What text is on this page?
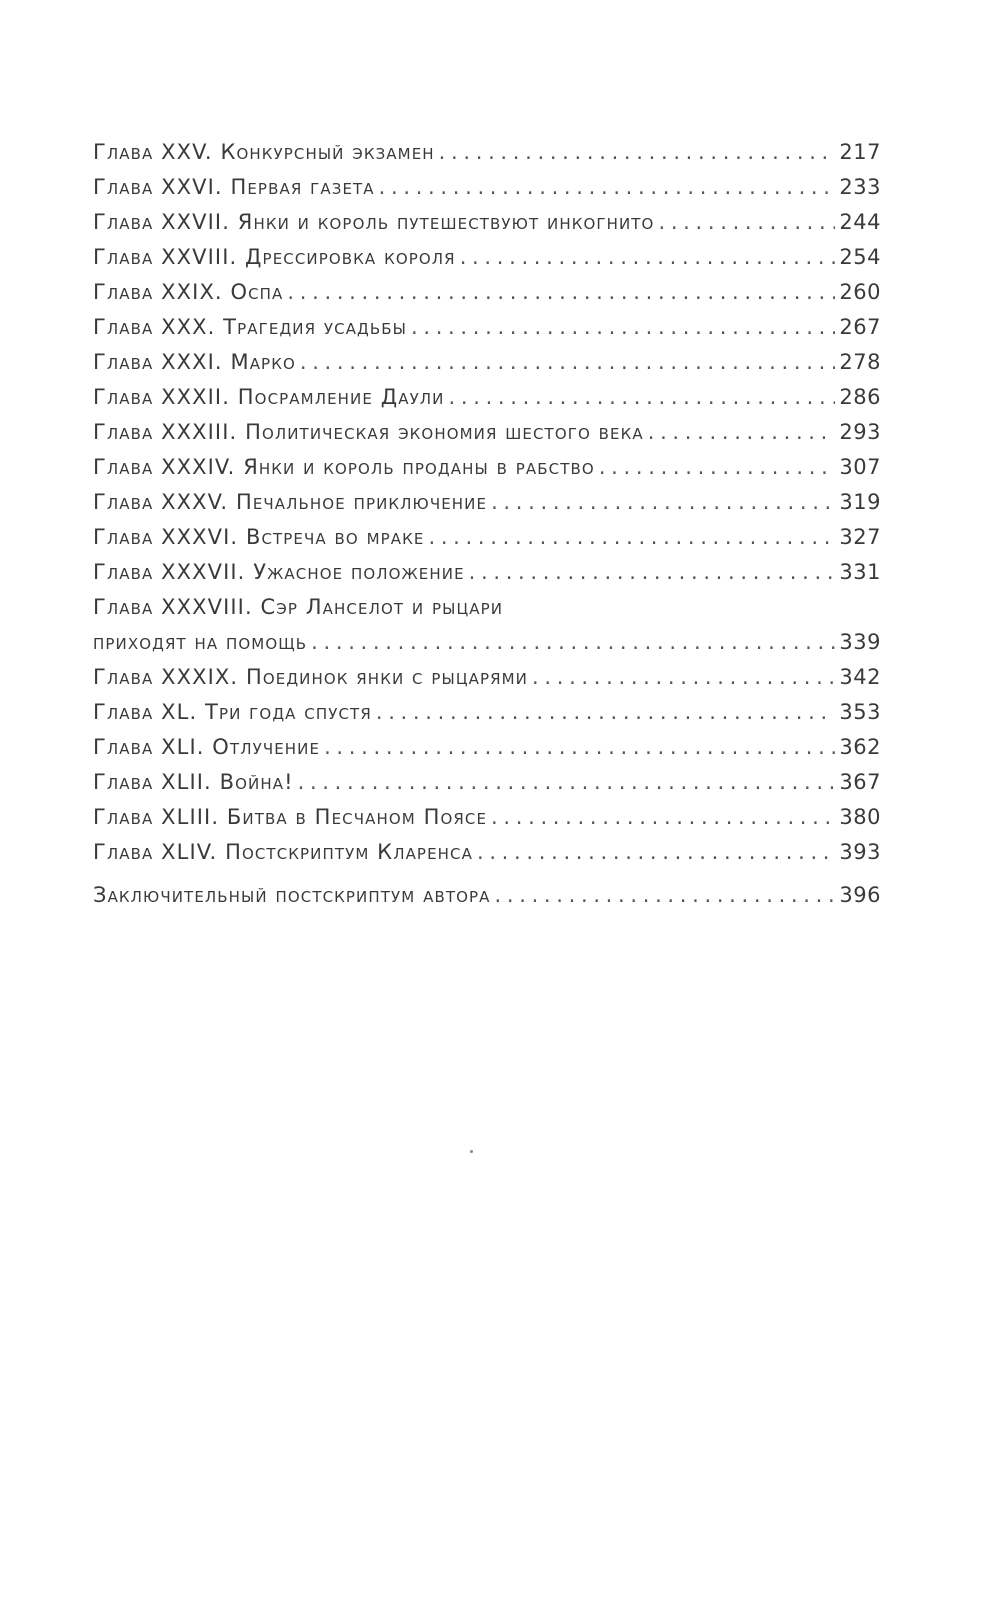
Глава XXV. Конкурсный экзамен . . .	217
Глава XXVI. Первая газета . . .	233
Глава XXVII. Янки и король путешествуют инкогнито . . .	244
Глава XXVIII. Дрессировка короля . . .	254
Глава XXIX. Оспа . . .	260
Глава XXX. Трагедия усадьбы . . .	267
Глава XXXI. Марко . . .	278
Глава XXXII. Посрамление Даули . . .	286
Глава XXXIII. Политическая экономия шестого века . . .	293
Глава XXXIV. Янки и король проданы в рабство . . .	307
Глава XXXV. Печальное приключение . . .	319
Глава XXXVI. Встреча во мраке . . .	327
Глава XXXVII. Ужасное положение . . .	331
Глава XXXVIII. Сэр Ланселот и рыцари
приходят на помощь . . .	339
Глава XXXIX. Поединок янки с рыцарями . . .	342
Глава XL. Три года спустя . . .	353
Глава XLI. Отлучение . . .	362
Глава XLII. Война! . . .	367
Глава XLIII. Битва в Песчаном Поясе . . .	380
Глава XLIV. Постскриптум Кларенса . . .	393
Заключительный постскриптум автора . . .	396
